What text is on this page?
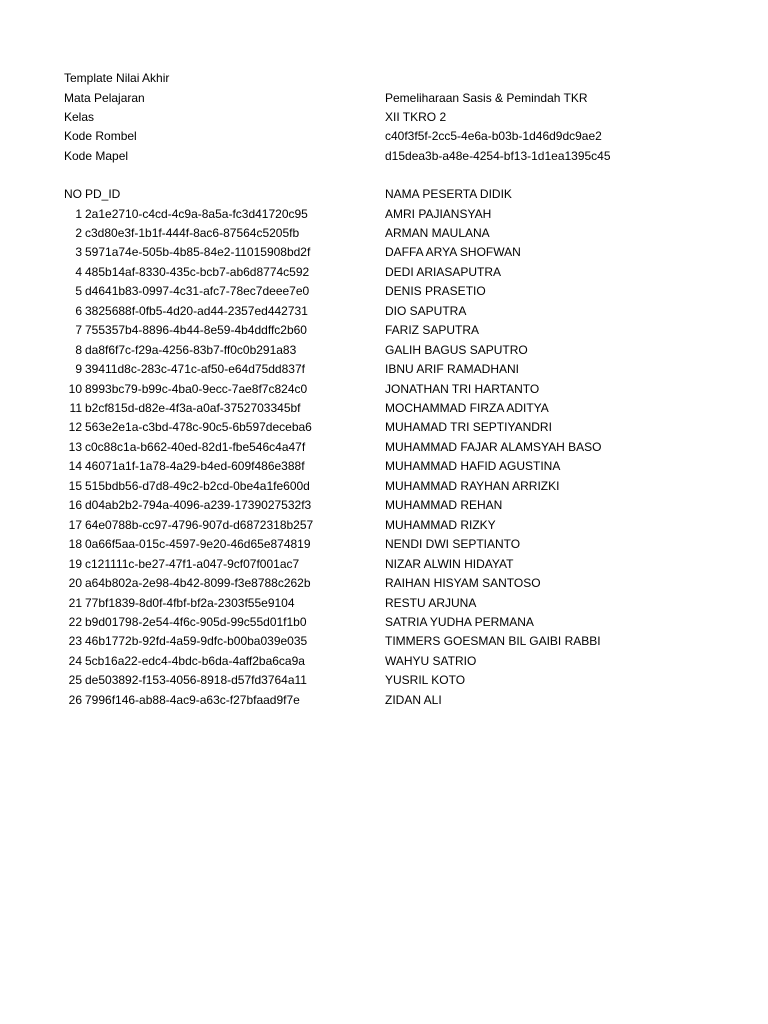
Template Nilai Akhir
Mata Pelajaran	Pemeliharaan Sasis & Pemindah TKR
Kelas	XII TKRO 2
Kode Rombel	c40f3f5f-2cc5-4e6a-b03b-1d46d9dc9ae2
Kode Mapel	d15dea3b-a48e-4254-bf13-1d1ea1395c45
NO PD_ID	NAMA PESERTA DIDIK
1 2a1e2710-c4cd-4c9a-8a5a-fc3d41720c95	AMRI PAJIANSYAH
2 c3d80e3f-1b1f-444f-8ac6-87564c5205fb	ARMAN MAULANA
3 5971a74e-505b-4b85-84e2-11015908bd2f	DAFFA ARYA SHOFWAN
4 485b14af-8330-435c-bcb7-ab6d8774c592	DEDI ARIASAPUTRA
5 d4641b83-0997-4c31-afc7-78ec7deee7e0	DENIS PRASETIO
6 3825688f-0fb5-4d20-ad44-2357ed442731	DIO SAPUTRA
7 755357b4-8896-4b44-8e59-4b4ddffc2b60	FARIZ SAPUTRA
8 da8f6f7c-f29a-4256-83b7-ff0c0b291a83	GALIH BAGUS SAPUTRO
9 39411d8c-283c-471c-af50-e64d75dd837f	IBNU ARIF RAMADHANI
10 8993bc79-b99c-4ba0-9ecc-7ae8f7c824c0	JONATHAN TRI HARTANTO
11 b2cf815d-d82e-4f3a-a0af-3752703345bf	MOCHAMMAD FIRZA ADITYA
12 563e2e1a-c3bd-478c-90c5-6b597deceba6	MUHAMAD TRI SEPTIYANDRI
13 c0c88c1a-b662-40ed-82d1-fbe546c4a47f	MUHAMMAD FAJAR ALAMSYAH BASO
14 46071a1f-1a78-4a29-b4ed-609f486e388f	MUHAMMAD HAFID AGUSTINA
15 515bdb56-d7d8-49c2-b2cd-0be4a1fe600d	MUHAMMAD RAYHAN ARRIZKI
16 d04ab2b2-794a-4096-a239-1739027532f3	MUHAMMAD REHAN
17 64e0788b-cc97-4796-907d-d6872318b257	MUHAMMAD RIZKY
18 0a66f5aa-015c-4597-9e20-46d65e874819	NENDI DWI SEPTIANTO
19 c121111c-be27-47f1-a047-9cf07f001ac7	NIZAR ALWIN HIDAYAT
20 a64b802a-2e98-4b42-8099-f3e8788c262b	RAIHAN HISYAM SANTOSO
21 77bf1839-8d0f-4fbf-bf2a-2303f55e9104	RESTU ARJUNA
22 b9d01798-2e54-4f6c-905d-99c55d01f1b0	SATRIA YUDHA PERMANA
23 46b1772b-92fd-4a59-9dfc-b00ba039e035	TIMMERS GOESMAN BIL GAIBI RABBI
24 5cb16a22-edc4-4bdc-b6da-4aff2ba6ca9a	WAHYU SATRIO
25 de503892-f153-4056-8918-d57fd3764a11	YUSRIL KOTO
26 7996f146-ab88-4ac9-a63c-f27bfaad9f7e	ZIDAN ALI
